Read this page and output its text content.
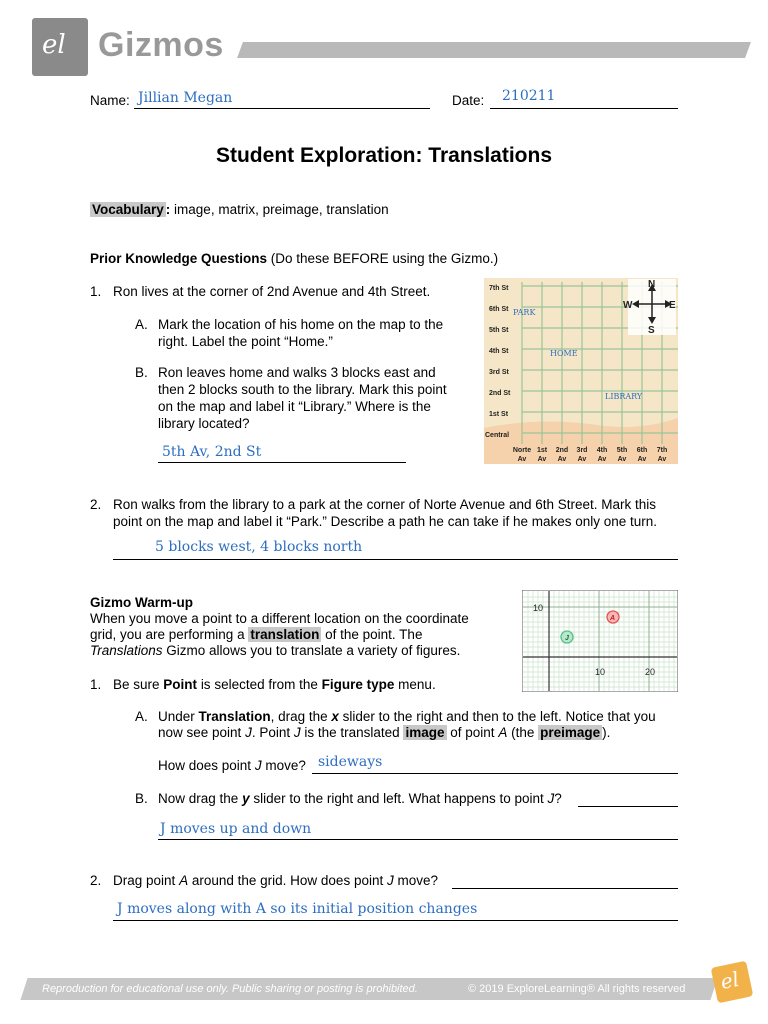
el Gizmos
Name: Jillian Megan	Date: 210211
Student Exploration: Translations
Vocabulary : image, matrix, preimage, translation
Prior Knowledge Questions (Do these BEFORE using the Gizmo.)
1. Ron lives at the corner of 2nd Avenue and 4th Street.
A. Mark the location of his home on the map to the
right. Label the point “Home.”
B. Ron leaves home and walks 3 blocks east and
then 2 blocks south to the library. Mark this point
on the map and label it “Library.” Where is the
library located?
5th Av, 2nd St
7th St
6th St
5th St
4th St
3rd St
2nd St
1st St
Central
Norte 1st 2nd 3rd 4th 5th 6th 7th
Av Av Av Av Av Av Av Av
N
S
W	E
PARK
HOME
LIBRARY
2. Ron walks from the library to a park at the corner of Norte Avenue and 6th Street. Mark this
point on the map and label it “Park.” Describe a path he can take if he makes only one turn.
5 blocks west, 4 blocks north
Gizmo Warm-up
When you move a point to a different location on the coordinate
grid, you are performing a translation of the point. The
Translations Gizmo allows you to translate a variety of figures.
10
10	20
A
J
1. Be sure Point is selected from the Figure type menu.
A. Under Translation, drag the x slider to the right and then to the left. Notice that you
now see point J. Point J is the translated image of point A (the preimage ).
How does point J move? sideways
B. Now drag the y slider to the right and left. What happens to point J?
J moves up and down
2. Drag point A around the grid. How does point J move?
J moves along with A so its initial position changes
Reproduction for educational use only. Public sharing or posting is prohibited.	© 2019 ExploreLearning® All rights reserved el
